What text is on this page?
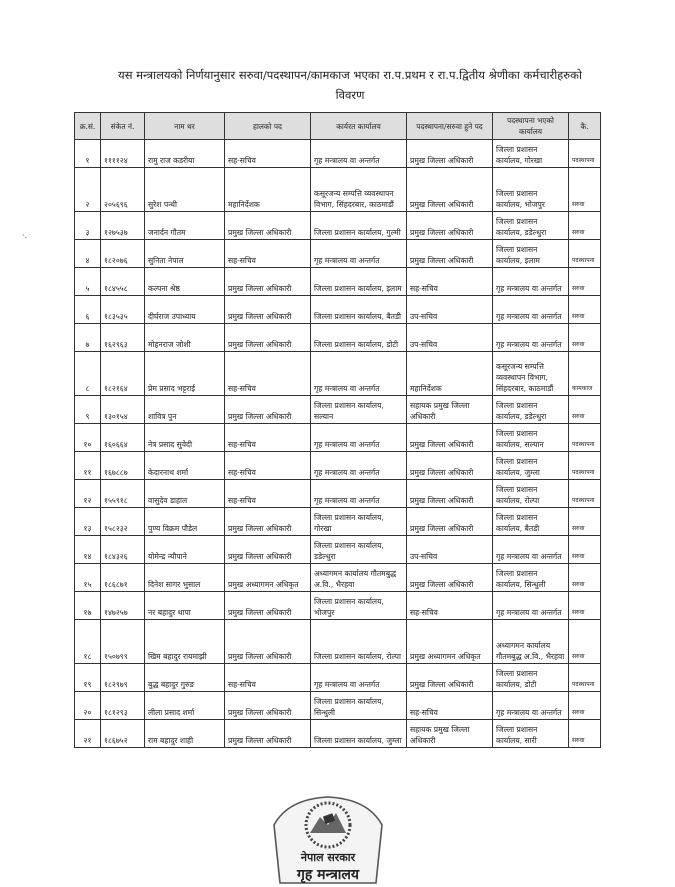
यस मन्त्रालयको निर्णयानुसार सरुवा/पदस्थापन/कामकाज भएका रा.प.प्रथम र रा.प.द्वितीय श्रेणीका कर्मचारीहरुको
विवरण
·.
क्र.सं.	संकेत नं.	नाम थर	हालको पद	कार्यरत कार्यालय	पदस्थापना/सरुवा हुने पद	पदस्थापना भएको कार्यालय	कै.
१	११११२४	रामु राज कडरीया	सह-सचिव	गृह मन्त्रालय वा अन्तर्गत	प्रमुख जिल्ला अधिकारी	जिल्ला प्रशासन कार्यालय, गोरखा	पदस्थापना
२	२०५६९६	सुरेश पन्थी	महानिर्देशक	कसूरजन्य सम्पत्ति व्यवस्थापन विभाग, सिंहदरबार, काठमाडौं	प्रमुख जिल्ला अधिकारी	जिल्ला प्रशासन कार्यालय, भोजपुर	सरुवा
३	१२७५३७	जनार्दन गौतम	प्रमुख जिल्ला अधिकारी	जिल्ला प्रशासन कार्यालय, गुल्मी	प्रमुख जिल्ला अधिकारी	जिल्ला प्रशासन कार्यालय, डडेल्धुरा	सरुवा
४	१८२०७६	सुनिता नेपाल	सह-सचिव	गृह मन्त्रालय वा अन्तर्गत	प्रमुख जिल्ला अधिकारी	जिल्ला प्रशासन कार्यालय, इलाम	पदस्थापना
५	१८४५५८	कल्पना श्रेष्ठ	प्रमुख जिल्ला अधिकारी	जिल्ला प्रशासन कार्यालय, इलाम	सह-सचिव	गृह मन्त्रालय वा अन्तर्गत	सरुवा
६	१८३५३५	दीर्घराज उपाध्याय	प्रमुख जिल्ला अधिकारी	जिल्ला प्रशासन कार्यालय, बैतडी	उप-सचिव	गृह मन्त्रालय वा अन्तर्गत	सरुवा
७	१६२९६३	मोहनराज जोशी	प्रमुख जिल्ला अधिकारी	जिल्ला प्रशासन कार्यालय, डोटी	उप-सचिव	गृह मन्त्रालय वा अन्तर्गत	सरुवा
८	१८२१६४	प्रेम प्रसाद भट्टराई	सह-सचिव	गृह मन्त्रालय वा अन्तर्गत	महानिर्देशक	कसूरजन्य सम्पत्ति व्यवस्थापन विभाग, सिंहदरबार, काठमाडौं	कामकाज
९	१३०१५४	शावित्र पुन	प्रमुख जिल्ला अधिकारी	जिल्ला प्रशासन कार्यालय, सल्यान	सहायक प्रमुख जिल्ला अधिकारी	जिल्ला प्रशासन कार्यालय, डडेल्धुरा	सरुवा
१०	१६०६६४	नेत्र प्रसाद सुवेदी	सह-सचिव	गृह मन्त्रालय वा अन्तर्गत	प्रमुख जिल्ला अधिकारी	जिल्ला प्रशासन कार्यालय, सल्यान	पदस्थापना
११	१६७८८७	केदारनाथ शर्मा	सह-सचिव	गृह मन्त्रालय वा अन्तर्गत	प्रमुख जिल्ला अधिकारी	जिल्ला प्रशासन कार्यालय, जुम्ला	पदस्थापना
१२	१५५९१८	वासुदेव डाहाल	सह-सचिव	गृह मन्त्रालय वा अन्तर्गत	प्रमुख जिल्ला अधिकारी	जिल्ला प्रशासन कार्यालय, रोल्पा	पदस्थापना
१३	१५८२३२	पुण्य विक्रम पौडेल	प्रमुख जिल्ला अधिकारी	जिल्ला प्रशासन कार्यालय, गोरखा	प्रमुख जिल्ला अधिकारी	जिल्ला प्रशासन कार्यालय, बैतडी	सरुवा
१४	१८४३२६	योमेन्द्र न्यौपाने	प्रमुख जिल्ला अधिकारी	जिल्ला प्रशासन कार्यालय, डडेल्धुरा	उप-सचिव	गृह मन्त्रालय वा अन्तर्गत	सरुवा
१५	१८६८७१	दिनेश सागर भुसाल	प्रमुख अध्यागमन अधिकृत	अध्यागमन कार्यालय गौतमबुद्ध अ.वि., भैरहवा	प्रमुख जिल्ला अधिकारी	जिल्ला प्रशासन कार्यालय, सिन्धुली	सरुवा
१७	१४७२५७	नर बहादुर थापा	प्रमुख जिल्ला अधिकारी	जिल्ला प्रशासन कार्यालय, भोजपुर	सह-सचिव	गृह मन्त्रालय वा अन्तर्गत	सरुवा
१८	१५०७९९	खिम बहादुर रायमाझी	प्रमुख जिल्ला अधिकारी	जिल्ला प्रशासन कार्यालय, रोल्पा	प्रमुख अध्यागमन अधिकृत	अध्यागमन कार्यालय गौतमबुद्ध अ.वि., भैरहवा	सरुवा
१९	१८२९७९	बुद्ध बहादुर गुरुङ	सह-सचिव	गृह मन्त्रालय वा अन्तर्गत	प्रमुख जिल्ला अधिकारी	जिल्ला प्रशासन कार्यालय, डोटी	पदस्थापना
२०	१८१२९३	लीला प्रसाद शर्मा	प्रमुख जिल्ला अधिकारी	जिल्ला प्रशासन कार्यालय, सिन्धुली	सह-सचिव	गृह मन्त्रालय वा अन्तर्गत	सरुवा
२१	१८६७५२	राम बहादुर शाही	प्रमुख जिल्ला अधिकारी	जिल्ला प्रशासन कार्यालय, जुम्ला	सहायक प्रमुख जिल्ला अधिकारी	जिल्ला प्रशासन कार्यालय, सारी	सरुवा
नेपाल सरकार
गृह मन्त्रालय
